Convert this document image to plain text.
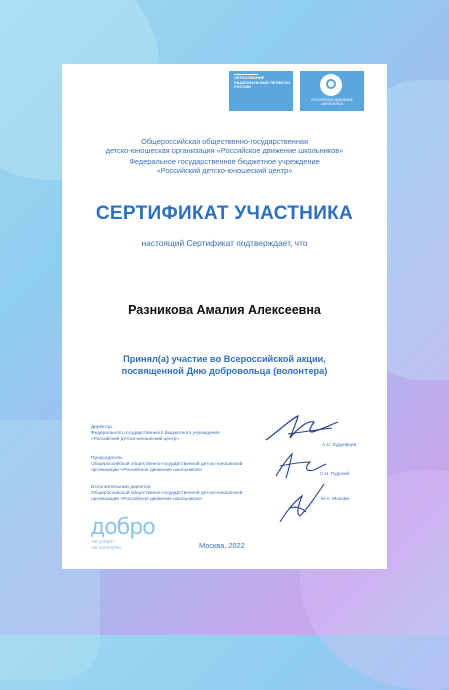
ОБРАЗОВАНИЕ НАЦИОНАЛЬНЫЕ ПРОЕКТЫ РОССИИ
РОССИЙСКОЕ ДВИЖЕНИЕ ШКОЛЬНИКОВ
Общероссийская общественно-государственная
детско-юношеская организация «Российское движение школьников»
Федеральное государственное бюджетное учреждение
«Российский детско-юношеский центр»
СЕРТИФИКАТ УЧАСТНИКА
настоящий Сертификат подтверждает, что
Разникова Амалия Алексеевна
Принял(а) участие во Всероссийской акции,
посвященной Дню добровольца (волонтера)
Директор
Федерального государственного бюджетного учреждения
«Российский детско-юношеский центр»
А.С. Кудрявцев
Председатель
Общероссийской общественно-государственной детско-юношеской
организации «Российское движение школьников»
С.Н. Рудской
Исполнительный директор
Общероссийской общественно-государственной детско-юношеской
организации «Российское движение школьников»	М.А. Мохова
добро
не уходит
на каникулы	Москва, 2022
